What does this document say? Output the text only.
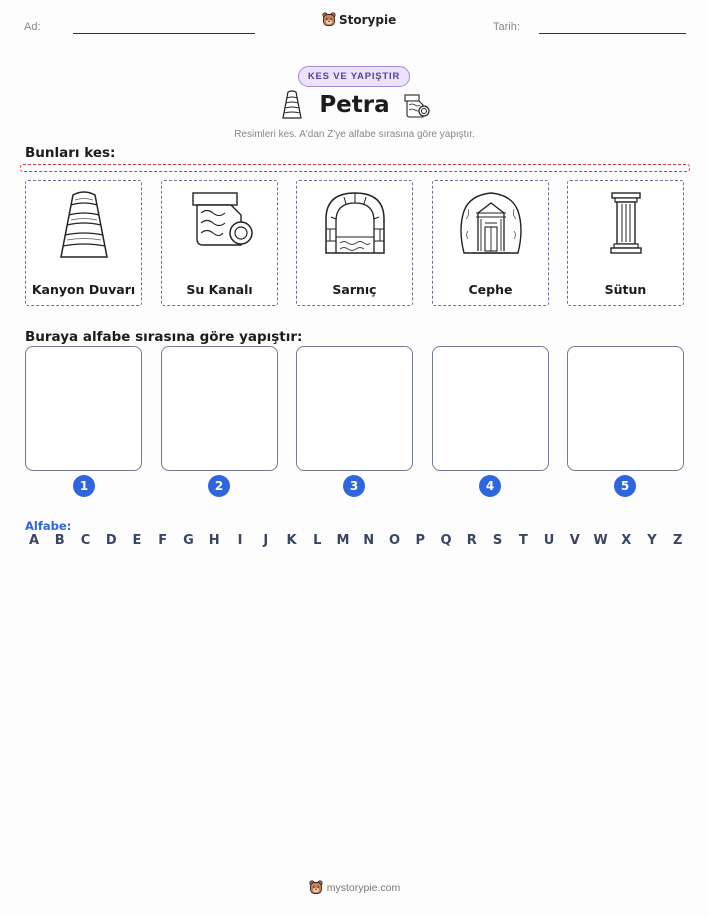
Ad:
Storypie
Tarih:
KES VE YAPIŞTIR
Petra
Resimleri kes. A'dan Z'ye alfabe sırasına göre yapıştır.
Bunları kes:
Kanyon Duvarı	Su Kanalı	Sarnıç	Cephe	Sütun
Buraya alfabe sırasına göre yapıştır:
1	2	3	4	5
Alfabe:
A	B	C	D	E	F	G H	I	J	K	L	M N O	P	Q	R	S	T	U	V	W	X	Y	Z
mystorypie.com
